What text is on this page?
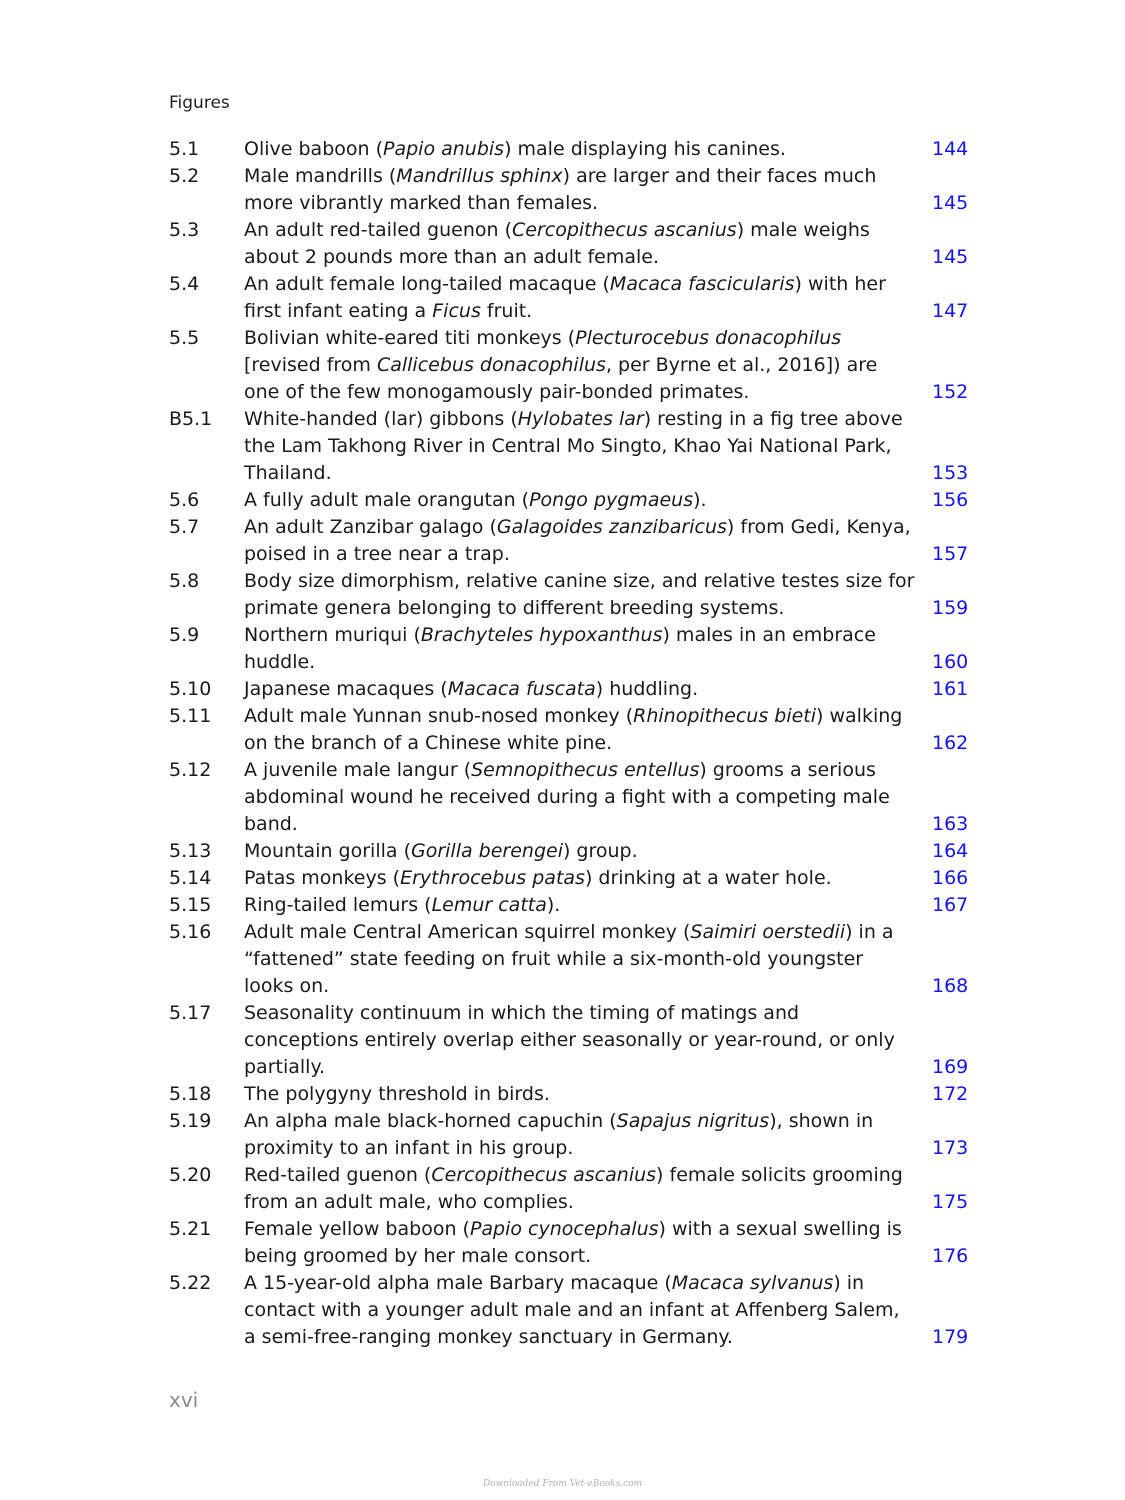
Figures
5.1	Olive baboon (Papio anubis) male displaying his canines.	144
5.2	Male mandrills (Mandrillus sphinx) are larger and their faces much more vibrantly marked than females.	145
5.3	An adult red-tailed guenon (Cercopithecus ascanius) male weighs about 2 pounds more than an adult female.	145
5.4	An adult female long-tailed macaque (Macaca fascicularis) with her first infant eating a Ficus fruit.	147
5.5	Bolivian white-eared titi monkeys (Plecturocebus donacophilus [revised from Callicebus donacophilus, per Byrne et al., 2016]) are one of the few monogamously pair-bonded primates.	152
B5.1	White-handed (lar) gibbons (Hylobates lar) resting in a fig tree above the Lam Takhong River in Central Mo Singto, Khao Yai National Park, Thailand.	153
5.6	A fully adult male orangutan (Pongo pygmaeus).	156
5.7	An adult Zanzibar galago (Galagoides zanzibaricus) from Gedi, Kenya, poised in a tree near a trap.	157
5.8	Body size dimorphism, relative canine size, and relative testes size for primate genera belonging to different breeding systems.	159
5.9	Northern muriqui (Brachyteles hypoxanthus) males in an embrace huddle.	160
5.10	Japanese macaques (Macaca fuscata) huddling.	161
5.11	Adult male Yunnan snub-nosed monkey (Rhinopithecus bieti) walking on the branch of a Chinese white pine.	162
5.12	A juvenile male langur (Semnopithecus entellus) grooms a serious abdominal wound he received during a fight with a competing male band.	163
5.13	Mountain gorilla (Gorilla berengei) group.	164
5.14	Patas monkeys (Erythrocebus patas) drinking at a water hole.	166
5.15	Ring-tailed lemurs (Lemur catta).	167
5.16	Adult male Central American squirrel monkey (Saimiri oerstedii) in a “fattened” state feeding on fruit while a six-month-old youngster looks on.	168
5.17	Seasonality continuum in which the timing of matings and conceptions entirely overlap either seasonally or year-round, or only partially.	169
5.18	The polygyny threshold in birds.	172
5.19	An alpha male black-horned capuchin (Sapajus nigritus), shown in proximity to an infant in his group.	173
5.20	Red-tailed guenon (Cercopithecus ascanius) female solicits grooming from an adult male, who complies.	175
5.21	Female yellow baboon (Papio cynocephalus) with a sexual swelling is being groomed by her male consort.	176
5.22	A 15-year-old alpha male Barbary macaque (Macaca sylvanus) in contact with a younger adult male and an infant at Affenberg Salem, a semi-free-ranging monkey sanctuary in Germany.	179
xvi
Downloaded From Vet-eBooks.com
